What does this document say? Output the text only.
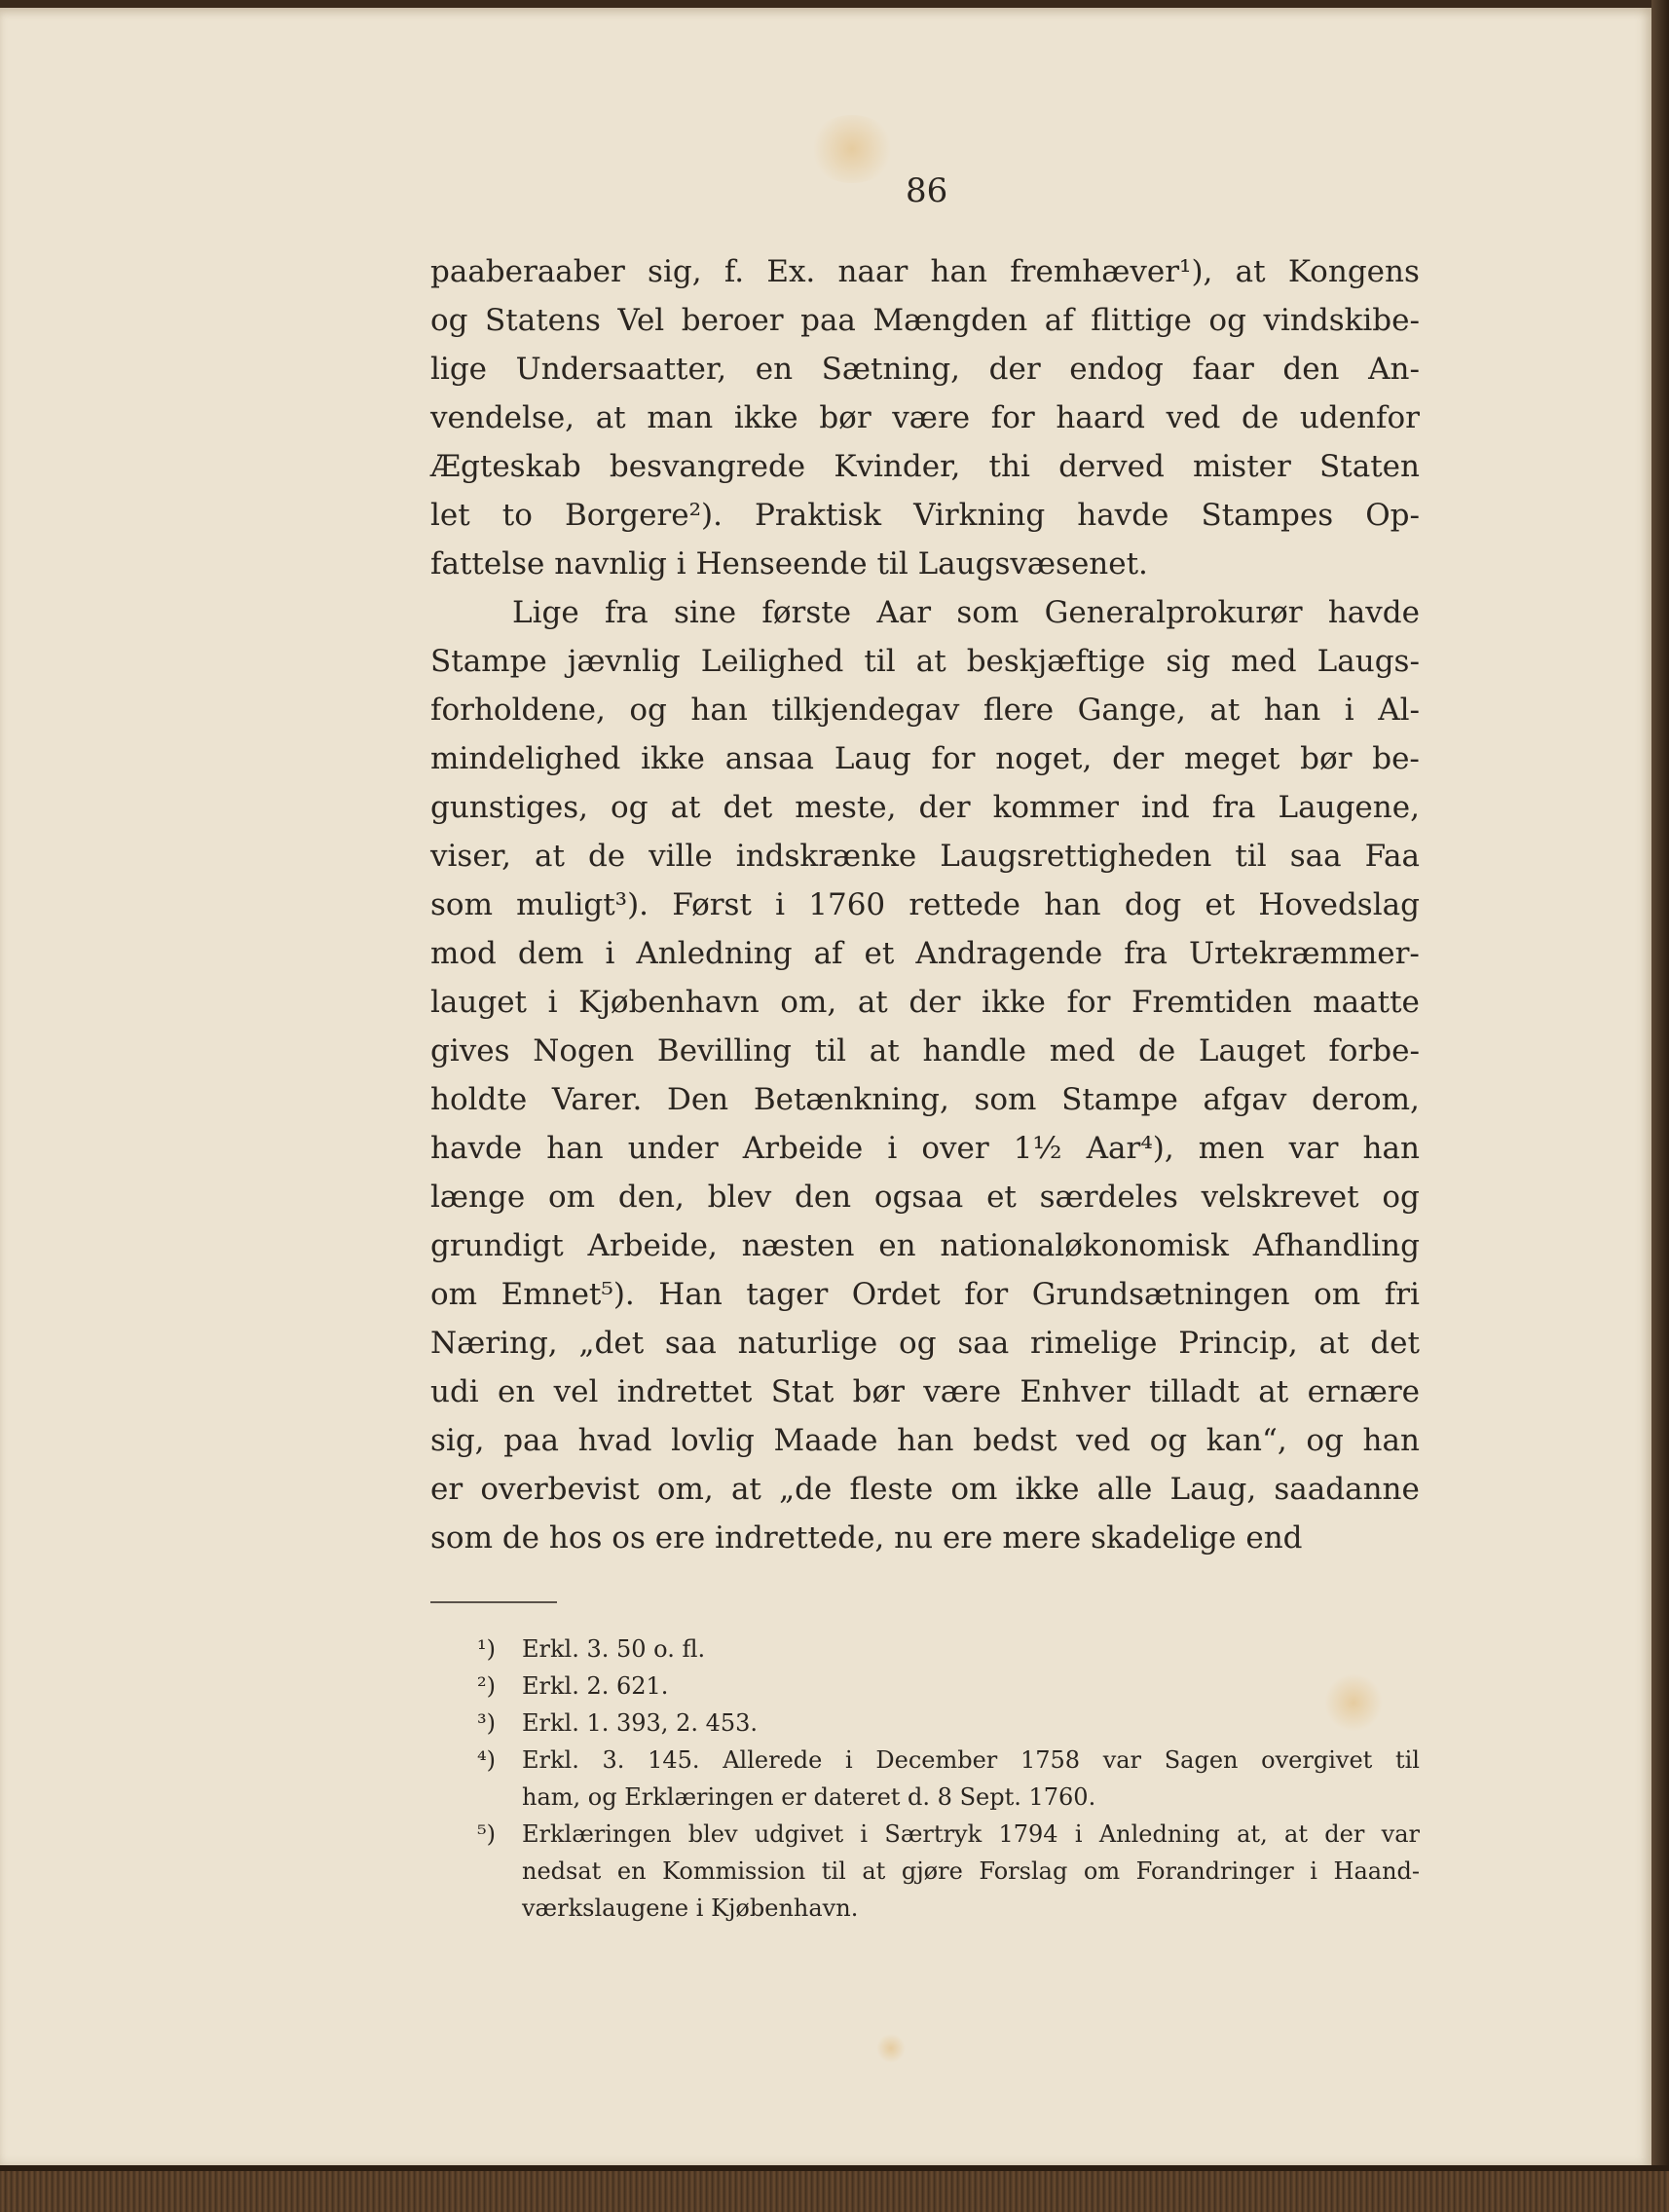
86
paaberaaber sig, f. Ex. naar han fremhæver¹), at Kongens
og Statens Vel beroer paa Mængden af flittige og vindskibe-
lige Undersaatter, en Sætning, der endog faar den An-
vendelse, at man ikke bør være for haard ved de udenfor
Ægteskab besvangrede Kvinder, thi derved mister Staten
let to Borgere²). Praktisk Virkning havde Stampes Op-
fattelse navnlig i Henseende til Laugsvæsenet.
Lige fra sine første Aar som Generalprokurør havde
Stampe jævnlig Leilighed til at beskjæftige sig med Laugs-
forholdene, og han tilkjendegav flere Gange, at han i Al-
mindelighed ikke ansaa Laug for noget, der meget bør be-
gunstiges, og at det meste, der kommer ind fra Laugene,
viser, at de ville indskrænke Laugsrettigheden til saa Faa
som muligt³). Først i 1760 rettede han dog et Hovedslag
mod dem i Anledning af et Andragende fra Urtekræmmer-
lauget i Kjøbenhavn om, at der ikke for Fremtiden maatte
gives Nogen Bevilling til at handle med de Lauget forbe-
holdte Varer. Den Betænkning, som Stampe afgav derom,
havde han under Arbeide i over 1½ Aar⁴), men var han
længe om den, blev den ogsaa et særdeles velskrevet og
grundigt Arbeide, næsten en nationaløkonomisk Afhandling
om Emnet⁵). Han tager Ordet for Grundsætningen om fri
Næring, „det saa naturlige og saa rimelige Princip, at det
udi en vel indrettet Stat bør være Enhver tilladt at ernære
sig, paa hvad lovlig Maade han bedst ved og kan“, og han
er overbevist om, at „de fleste om ikke alle Laug, saadanne
som de hos os ere indrettede, nu ere mere skadelige end
¹)	Erkl. 3. 50 o. fl.
²)	Erkl. 2. 621.
³)	Erkl. 1. 393, 2. 453.
⁴)	Erkl. 3. 145. Allerede i December 1758 var Sagen overgivet til
ham, og Erklæringen er dateret d. 8 Sept. 1760.
⁵)	Erklæringen blev udgivet i Særtryk 1794 i Anledning at, at der var
nedsat en Kommission til at gjøre Forslag om Forandringer i Haand-
værkslaugene i Kjøbenhavn.
